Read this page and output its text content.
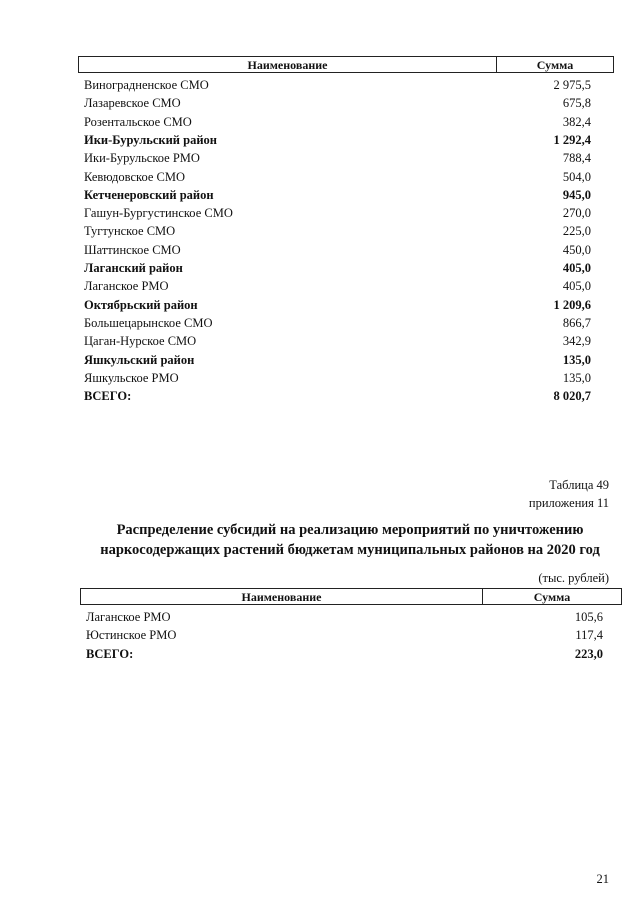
Наименование	Сумма
Виноградненское СМО	2 975,5
Лазаревское СМО	675,8
Розентальское СМО	382,4
Ики-Бурульский район	1 292,4
Ики-Бурульское РМО	788,4
Кевюдовское СМО	504,0
Кетченеровский район	945,0
Гашун-Бургустинское СМО	270,0
Тугтунское СМО	225,0
Шаттинское СМО	450,0
Лаганский район	405,0
Лаганское РМО	405,0
Октябрьский район	1 209,6
Большецарынское СМО	866,7
Цаган-Нурское СМО	342,9
Яшкульский район	135,0
Яшкульское РМО	135,0
ВСЕГО:	8 020,7
Таблица 49
приложения 11
Распределение субсидий на реализацию мероприятий по уничтожению
наркосодержащих растений бюджетам муниципальных районов на 2020 год
(тыс. рублей)
Наименование	Сумма
Лаганское РМО	105,6
Юстинское РМО	117,4
ВСЕГО:	223,0
21
